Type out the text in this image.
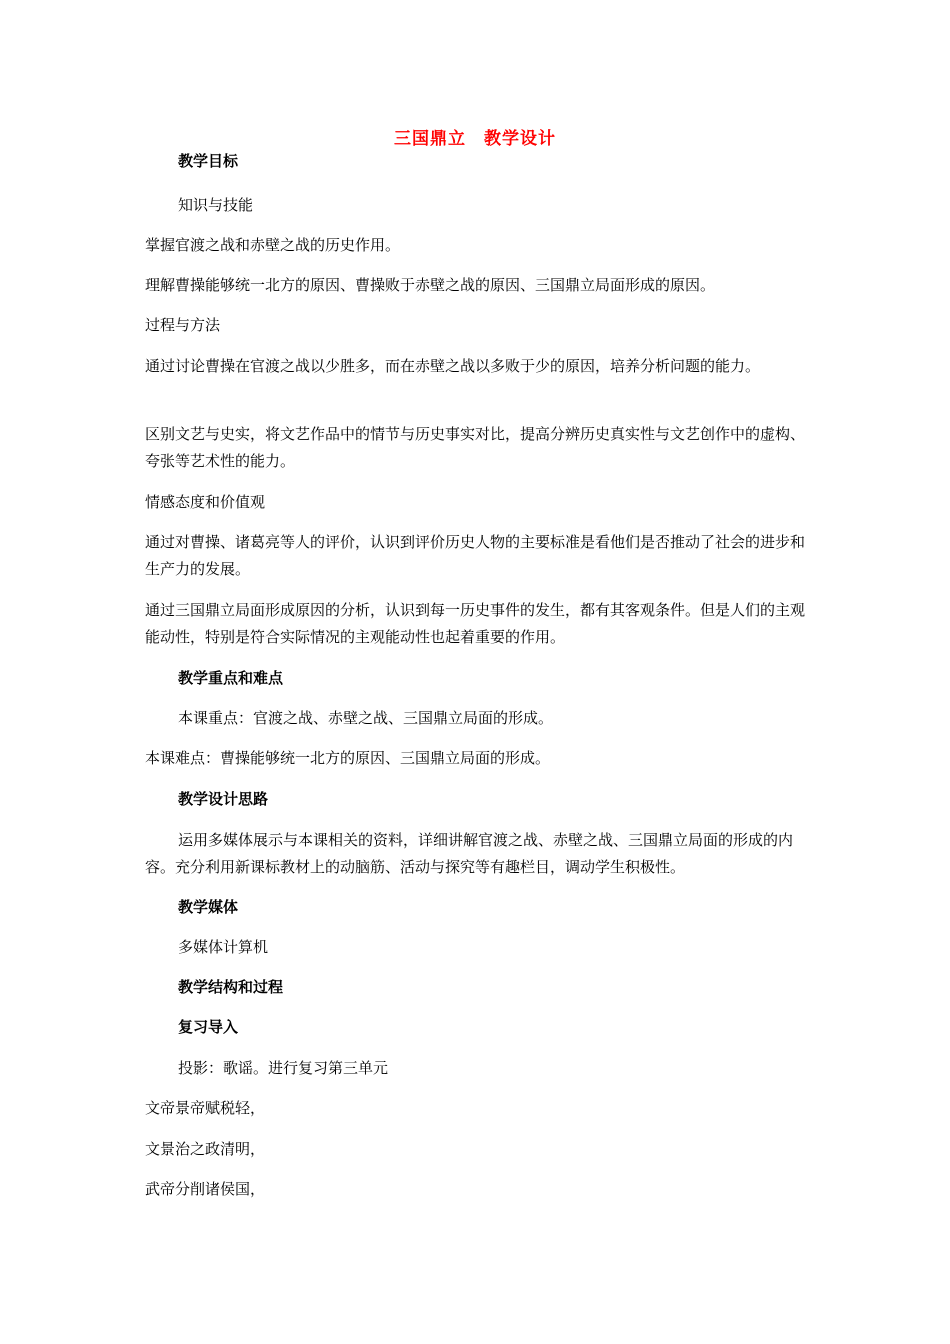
三国鼎立 教学设计
教学目标
知识与技能
掌握官渡之战和赤壁之战的历史作用。
理解曹操能够统一北方的原因、曹操败于赤壁之战的原因、三国鼎立局面形成的原因。
过程与方法
通过讨论曹操在官渡之战以少胜多，而在赤壁之战以多败于少的原因，培养分析问题的能力。
区别文艺与史实，将文艺作品中的情节与历史事实对比，提高分辨历史真实性与文艺创作中的虚构、夸张等艺术性的能力。
情感态度和价值观
通过对曹操、诸葛亮等人的评价，认识到评价历史人物的主要标准是看他们是否推动了社会的进步和生产力的发展。
通过三国鼎立局面形成原因的分析，认识到每一历史事件的发生，都有其客观条件。但是人们的主观能动性，特别是符合实际情况的主观能动性也起着重要的作用。
教学重点和难点
本课重点：官渡之战、赤壁之战、三国鼎立局面的形成。
本课难点：曹操能够统一北方的原因、三国鼎立局面的形成。
教学设计思路
运用多媒体展示与本课相关的资料，详细讲解官渡之战、赤壁之战、三国鼎立局面的形成的内容。充分利用新课标教材上的动脑筋、活动与探究等有趣栏目，调动学生积极性。
教学媒体
多媒体计算机
教学结构和过程
复习导入
投影：歌谣。进行复习第三单元
文帝景帝赋税轻，
文景治之政清明，
武帝分削诸侯国，
